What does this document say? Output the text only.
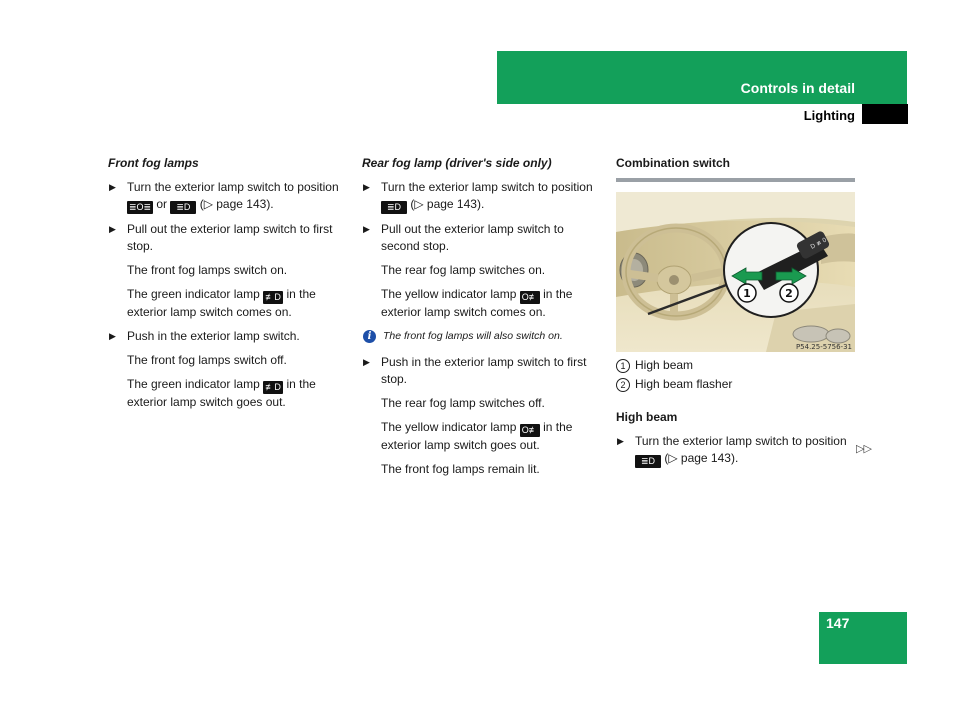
Controls in detail
Lighting

Front fog lamps

▶ Turn the exterior lamp switch to position ≣O≣ or ≣D (▷ page 143).
▶ Pull out the exterior lamp switch to first stop.

The front fog lamps switch on.

The green indicator lamp ≢D in the exterior lamp switch comes on.

▶ Push in the exterior lamp switch.

The front fog lamps switch off.

The green indicator lamp ≢D in the exterior lamp switch goes out.

Rear fog lamp (driver's side only)

▶ Turn the exterior lamp switch to position ≣D (▷ page 143).
▶ Pull out the exterior lamp switch to second stop.

The rear fog lamp switches on.

The yellow indicator lamp O≢ in the exterior lamp switch comes on.

i	The front fog lamps will also switch on.
▶ Push in the exterior lamp switch to first stop.

The rear fog lamp switches off.

The yellow indicator lamp O≢ in the exterior lamp switch goes out.

The front fog lamps remain lit.

Combination switch

D ≢ 0
1	2
P54.25-5756-31
1 High beam
2 High beam flasher

High beam

▶ Turn the exterior lamp switch to position ≣D (▷ page 143).
▷▷
147
